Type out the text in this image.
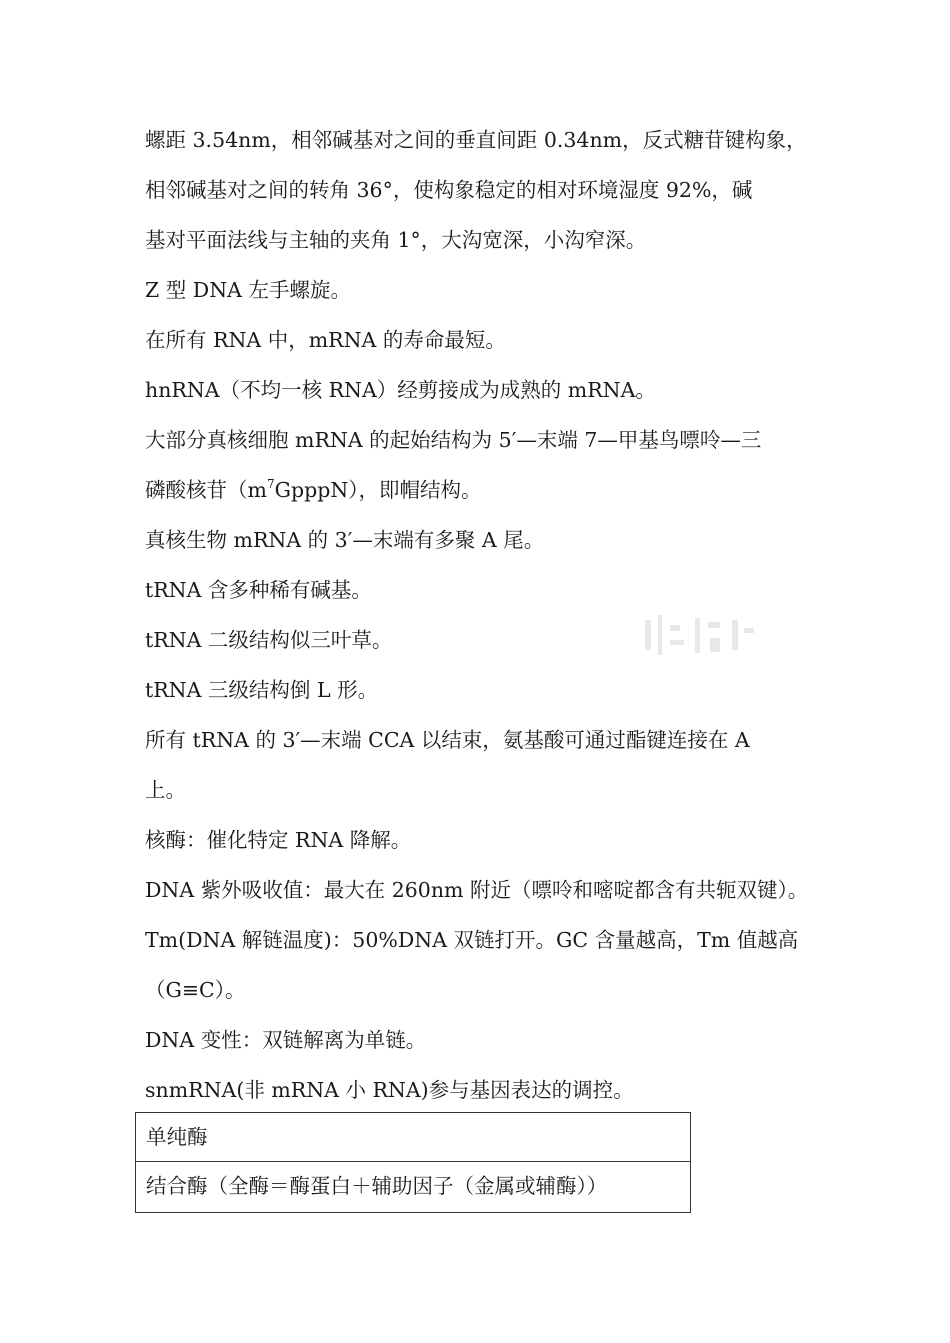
螺距 3.54nm，相邻碱基对之间的垂直间距 0.34nm，反式糖苷键构象，
相邻碱基对之间的转角 36°，使构象稳定的相对环境湿度 92%，碱
基对平面法线与主轴的夹角 1°，大沟宽深，小沟窄深。
Z 型 DNA 左手螺旋。
在所有 RNA 中，mRNA 的寿命最短。
hnRNA（不均一核 RNA）经剪接成为成熟的 mRNA。
大部分真核细胞 mRNA 的起始结构为 5′—末端 7—甲基鸟嘌呤—三
磷酸核苷$(m^7GpppN)$，即帽结构。
真核生物 mRNA 的 3′—末端有多聚 A 尾。
tRNA 含多种稀有碱基。
tRNA 二级结构似三叶草。
tRNA 三级结构倒 L 形。
所有 tRNA 的 3′—末端 CCA 以结束，氨基酸可通过酯键连接在 A
上。
核酶：催化特定 RNA 降解。
DNA 紫外吸收值：最大在 260nm 附近（嘌呤和嘧啶都含有共轭双键）。
Tm(DNA 解链温度)：50%DNA 双链打开。GC 含量越高，Tm 值越高
（G≡C）。
DNA 变性：双链解离为单链。
snmRNA(非 mRNA 小 RNA)参与基因表达的调控。
单纯酶
结合酶（全酶＝酶蛋白＋辅助因子（金属或辅酶））
